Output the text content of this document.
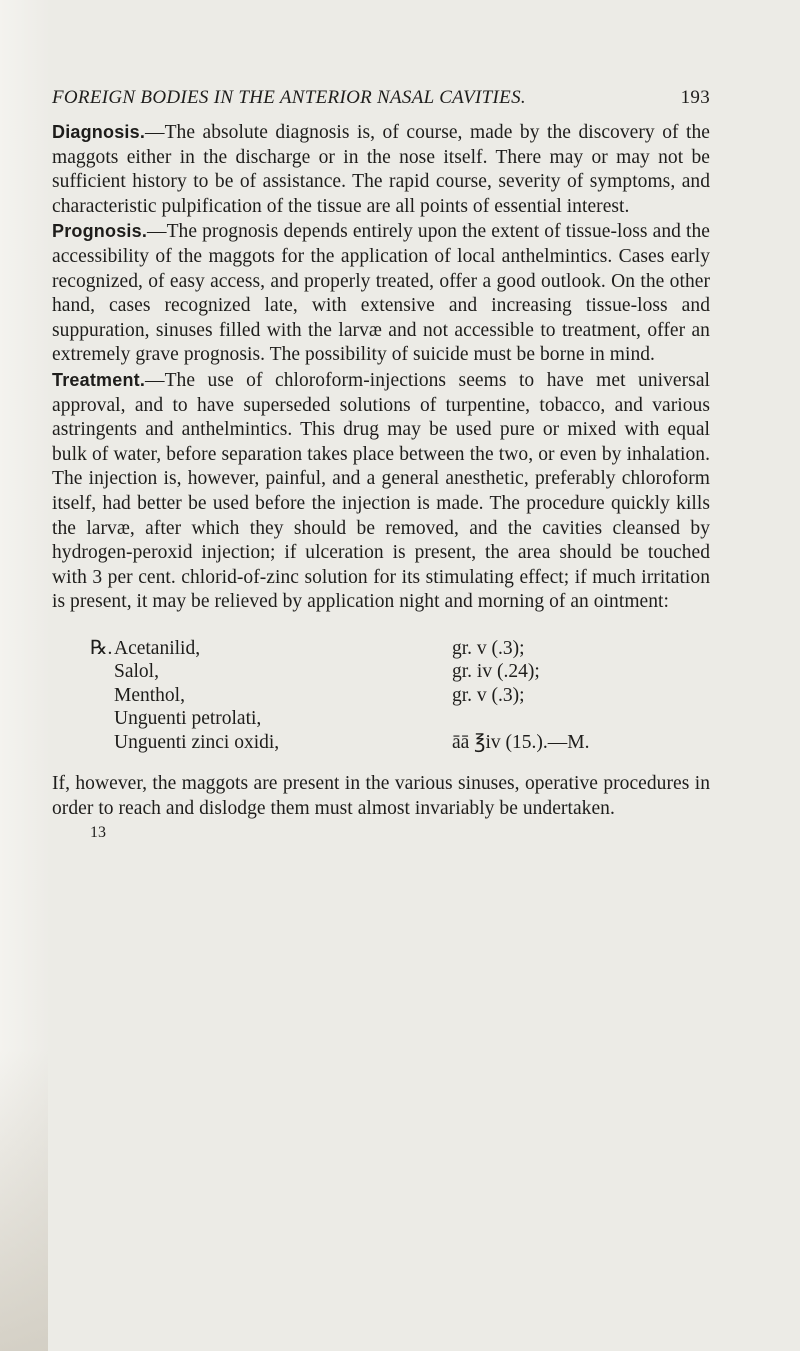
FOREIGN BODIES IN THE ANTERIOR NASAL CAVITIES.	193

Diagnosis.—The absolute diagnosis is, of course, made by the discovery of the maggots either in the discharge or in the nose itself. There may or may not be sufficient history to be of assistance. The rapid course, severity of symptoms, and characteristic pulpification of the tissue are all points of essential interest.

Prognosis.—The prognosis depends entirely upon the extent of tissue-loss and the accessibility of the maggots for the application of local anthelmintics. Cases early recognized, of easy access, and properly treated, offer a good outlook. On the other hand, cases recognized late, with extensive and increasing tissue-loss and suppuration, sinuses filled with the larvæ and not accessible to treatment, offer an extremely grave prognosis. The possibility of suicide must be borne in mind.

Treatment.—The use of chloroform-injections seems to have met universal approval, and to have superseded solutions of turpentine, tobacco, and various astringents and anthelmintics. This drug may be used pure or mixed with equal bulk of water, before separation takes place between the two, or even by inhalation. The injection is, however, painful, and a general anesthetic, preferably chloroform itself, had better be used before the injection is made. The procedure quickly kills the larvæ, after which they should be removed, and the cavities cleansed by hydrogen-peroxid injection; if ulceration is present, the area should be touched with 3 per cent. chlorid-of-zinc solution for its stimulating effect; if much irritation is present, it may be relieved by application night and morning of an ointment:

℞. Acetanilid,	gr. v (.3);
Salol,	gr. iv (.24);
Menthol,	gr. v (.3);
Unguenti petrolati,
Unguenti zinci oxidi,	āā ℥iv (15.).—M.

If, however, the maggots are present in the various sinuses, operative procedures in order to reach and dislodge them must almost invariably be undertaken.

13
